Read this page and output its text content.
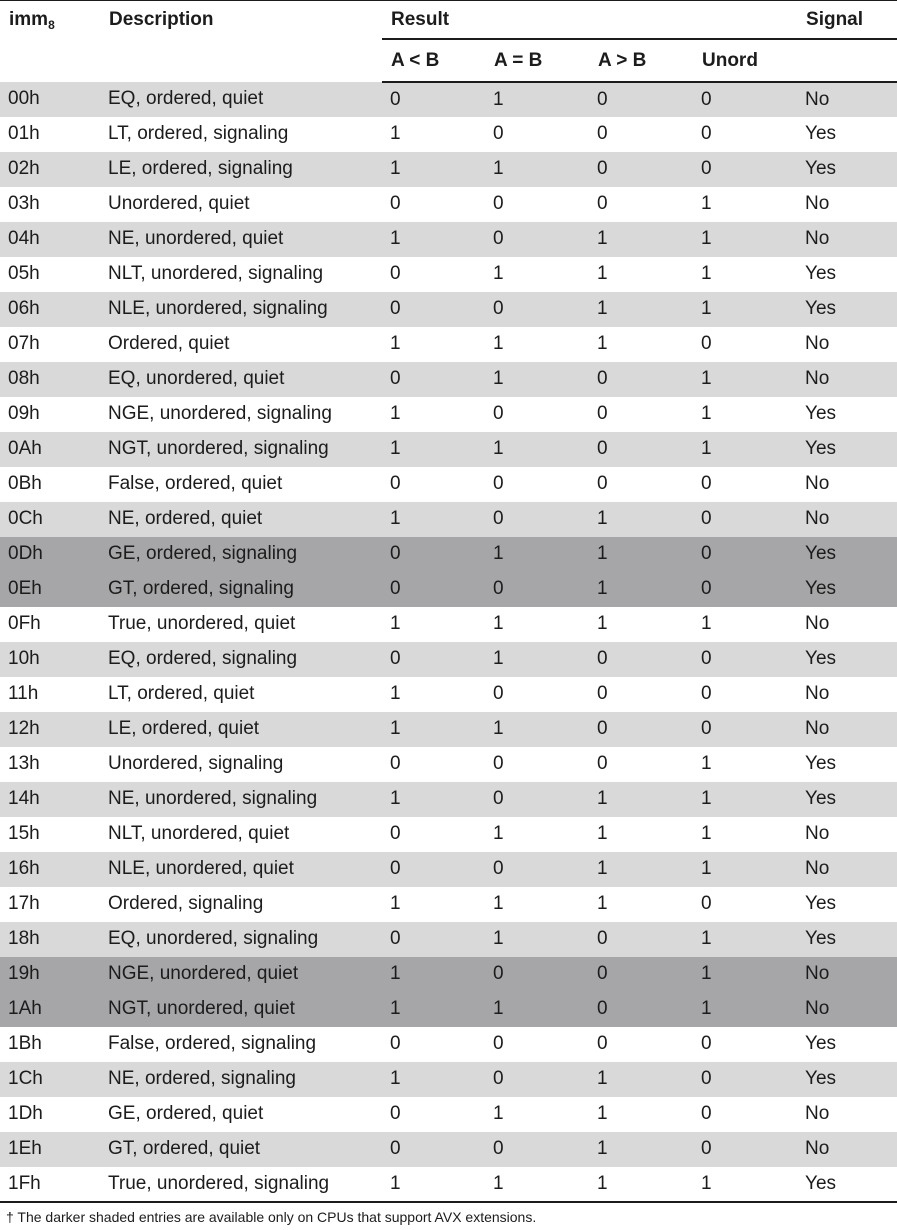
imm$_8$	Description	Result				Signal
		A < B	A = B	A > B	Unord	
00h	EQ, ordered, quiet	0	1	0	0	No
01h	LT, ordered, signaling	1	0	0	0	Yes
02h	LE, ordered, signaling	1	1	0	0	Yes
03h	Unordered, quiet	0	0	0	1	No
04h	NE, unordered, quiet	1	0	1	1	No
05h	NLT, unordered, signaling	0	1	1	1	Yes
06h	NLE, unordered, signaling	0	0	1	1	Yes
07h	Ordered, quiet	1	1	1	0	No
08h	EQ, unordered, quiet	0	1	0	1	No
09h	NGE, unordered, signaling	1	0	0	1	Yes
0Ah	NGT, unordered, signaling	1	1	0	1	Yes
0Bh	False, ordered, quiet	0	0	0	0	No
0Ch	NE, ordered, quiet	1	0	1	0	No
0Dh	GE, ordered, signaling	0	1	1	0	Yes
0Eh	GT, ordered, signaling	0	0	1	0	Yes
0Fh	True, unordered, quiet	1	1	1	1	No
10h	EQ, ordered, signaling	0	1	0	0	Yes
11h	LT, ordered, quiet	1	0	0	0	No
12h	LE, ordered, quiet	1	1	0	0	No
13h	Unordered, signaling	0	0	0	1	Yes
14h	NE, unordered, signaling	1	0	1	1	Yes
15h	NLT, unordered, quiet	0	1	1	1	No
16h	NLE, unordered, quiet	0	0	1	1	No
17h	Ordered, signaling	1	1	1	0	Yes
18h	EQ, unordered, signaling	0	1	0	1	Yes
19h	NGE, unordered, quiet	1	0	0	1	No
1Ah	NGT, unordered, quiet	1	1	0	1	No
1Bh	False, ordered, signaling	0	0	0	0	Yes
1Ch	NE, ordered, signaling	1	0	1	0	Yes
1Dh	GE, ordered, quiet	0	1	1	0	No
1Eh	GT, ordered, quiet	0	0	1	0	No
1Fh	True, unordered, signaling	1	1	1	1	Yes
† The darker shaded entries are available only on CPUs that support AVX extensions.
